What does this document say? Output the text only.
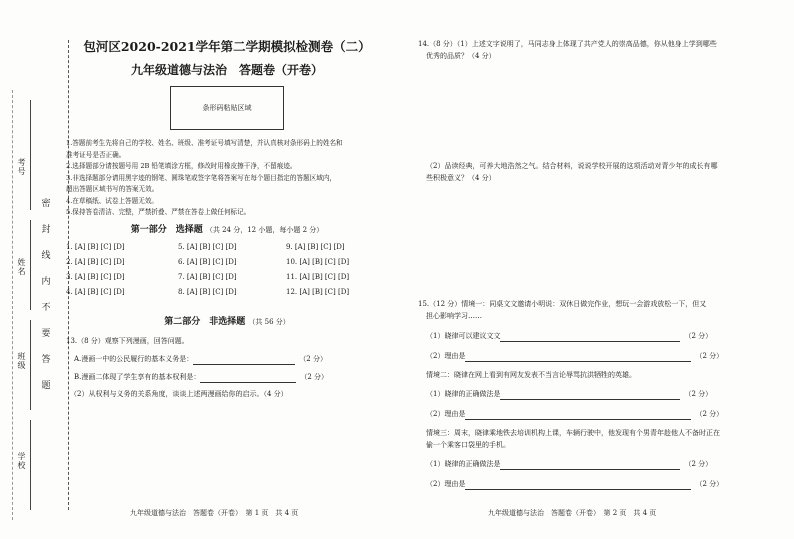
考号
姓名
班级
学校
密
封
线
内
不
要
答
题

包河区2020-2021学年第二学期模拟检测卷（二）

九年级道德与法治　答题卷（开卷）

条形码粘贴区域
1.答题前考生先将自己的学校、姓名、班级、准考证号填写清楚，并认真核对条形码上的姓名和
准考证号是否正确。
2.选择题部分请按题号用 2B 铅笔填涂方框，修改时用橡皮擦干净，不留痕迹。
3.非选择题部分请用黑字迹的钢笔、圆珠笔或签字笔将答案写在每个题目指定的答题区域内，
超出答题区域书写的答案无效。
4.在草稿纸、试卷上答题无效。
5.保持答卷清洁、完整，严禁折叠、严禁在答卷上做任何标记。
第一部分　选择题 （共 24 分，12 小题，每小题 2 分）
1. [A] [B] [C] [D]	5. [A] [B] [C] [D]	9. [A] [B] [C] [D]
2. [A] [B] [C] [D]	6. [A] [B] [C] [D]	10. [A] [B] [C] [D]
3. [A] [B] [C] [D]	7. [A] [B] [C] [D]	11. [A] [B] [C] [D]
4. [A] [B] [C] [D]	8. [A] [B] [C] [D]	12. [A] [B] [C] [D]
第二部分　非选择题 （共 56 分）
13.（8 分）观察下列漫画，回答问题。
A.漫画一中的公民履行的基本义务是：	（2 分）
B.漫画二体现了学生享有的基本权利是：	（2 分）
（2）从权利与义务的关系角度，谈谈上述两漫画给你的启示。（4 分）
14.（8 分）（1）上述文字说明了，马同志身上体现了共产党人的崇高品德，你从他身上学到哪些
优秀的品质？（4 分）
（2）品读经典，可养大地浩然之气。结合材料，说说学校开展的这项活动对青少年的成长有哪
些积极意义？（4 分）
15.（12 分）情境一：同桌文文邀请小明说：双休日做完作业，想玩一会游戏放松一下，但又
担心影响学习……
（1）晓律可以建议文文	（2 分）
（2）理由是	（2 分）
情境二：晓律在网上看到有网友发表不当言论辱骂抗洪牺牲的英雄。
（1）晓律的正确做法是	（2 分）
（2）理由是	（2 分）
情境三：周末，晓律乘地铁去培训机构上课，车辆行驶中，他发现有个男青年趁他人不备时正在
偷一个乘客口袋里的手机。
（1）晓律的正确做法是	（2 分）
（2）理由是	（2 分）
九年级道德与法治　答题卷（开卷）　第 1 页　共 4 页	九年级道德与法治　答题卷（开卷）　第 2 页　共 4 页
